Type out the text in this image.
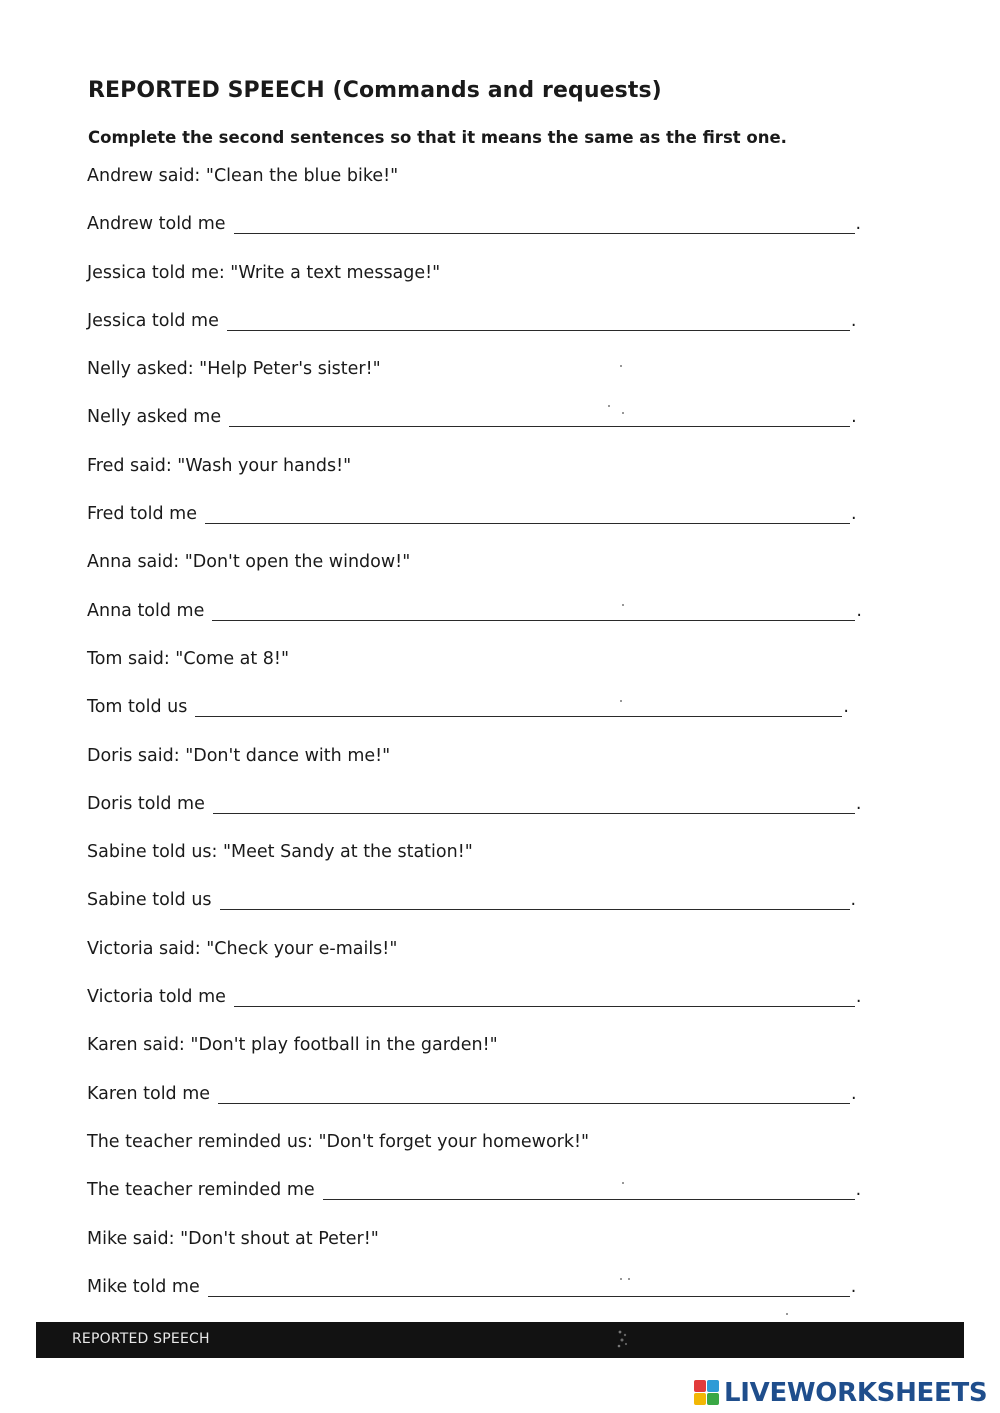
REPORTED SPEECH (Commands and requests)
Complete the second sentences so that it means the same as the first one.
Andrew said: "Clean the blue bike!"
Andrew told me	.
Jessica told me: "Write a text message!"
Jessica told me	.
Nelly asked: "Help Peter's sister!"
Nelly asked me	.
Fred said: "Wash your hands!"
Fred told me	.
Anna said: "Don't open the window!"
Anna told me	.
Tom said: "Come at 8!"
Tom told us	.
Doris said: "Don't dance with me!"
Doris told me	.
Sabine told us: "Meet Sandy at the station!"
Sabine told us	.
Victoria said: "Check your e-mails!"
Victoria told me	.
Karen said: "Don't play football in the garden!"
Karen told me	.
The teacher reminded us: "Don't forget your homework!"
The teacher reminded me	.
Mike said: "Don't shout at Peter!"
Mike told me	.
REPORTED SPEECH
LIVEWORKSHEETS
